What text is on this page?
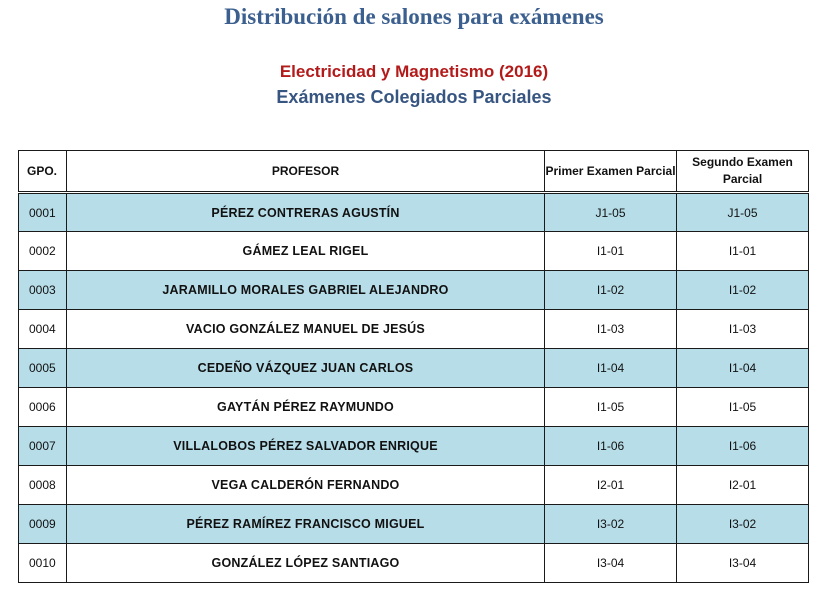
Distribución de salones para exámenes
Electricidad y Magnetismo (2016)
Exámenes Colegiados Parciales
GPO.	PROFESOR	Primer Examen Parcial	Segundo Examen Parcial
0001	PÉREZ CONTRERAS AGUSTÍN	J1-05	J1-05
0002	GÁMEZ LEAL RIGEL	I1-01	I1-01
0003	JARAMILLO MORALES GABRIEL ALEJANDRO	I1-02	I1-02
0004	VACIO GONZÁLEZ MANUEL DE JESÚS	I1-03	I1-03
0005	CEDEÑO VÁZQUEZ JUAN CARLOS	I1-04	I1-04
0006	GAYTÁN PÉREZ RAYMUNDO	I1-05	I1-05
0007	VILLALOBOS PÉREZ SALVADOR ENRIQUE	I1-06	I1-06
0008	VEGA CALDERÓN FERNANDO	I2-01	I2-01
0009	PÉREZ RAMÍREZ FRANCISCO MIGUEL	I3-02	I3-02
0010	GONZÁLEZ LÓPEZ SANTIAGO	I3-04	I3-04
